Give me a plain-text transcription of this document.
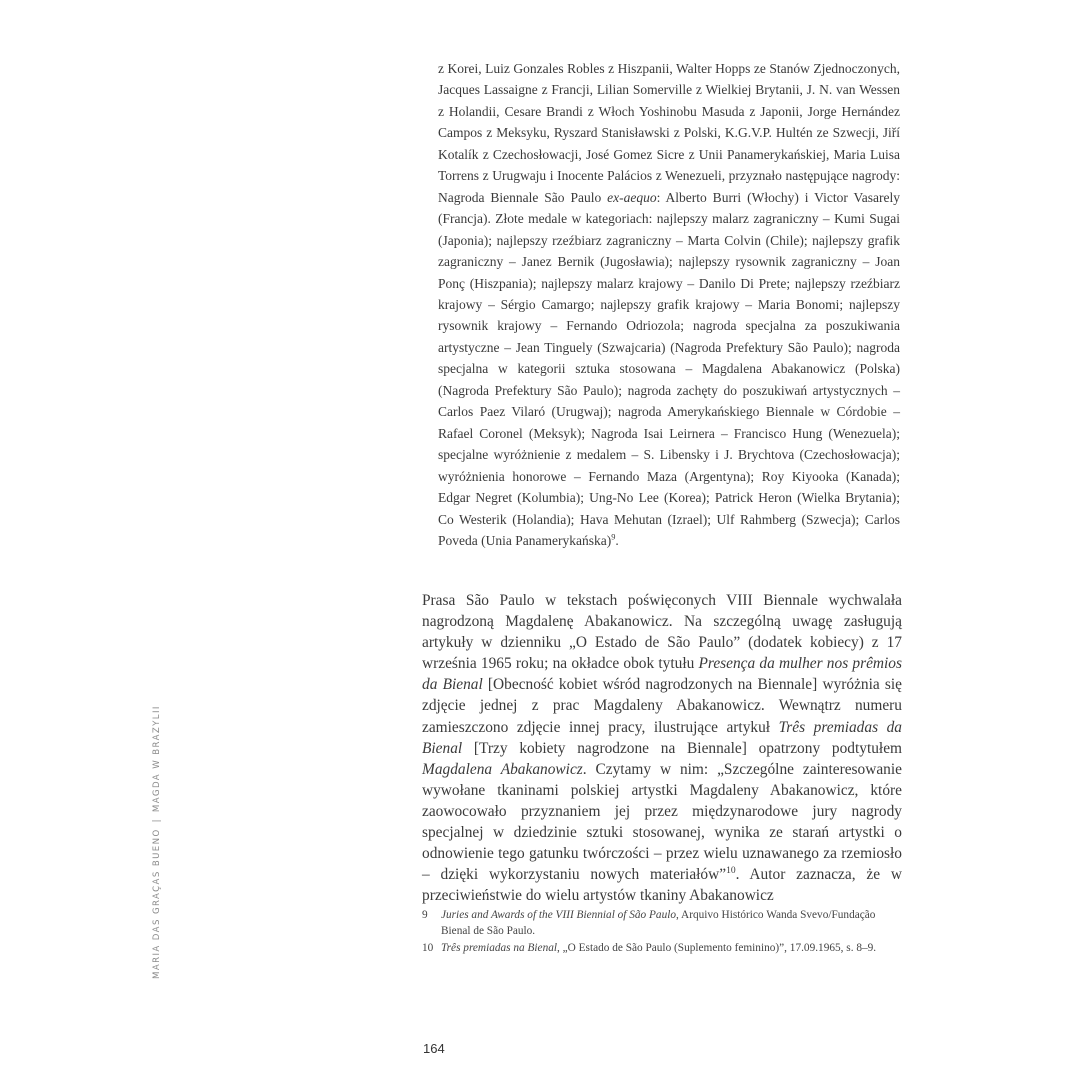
z Korei, Luiz Gonzales Robles z Hiszpanii, Walter Hopps ze Stanów Zjednoczonych, Jacques Lassaigne z Francji, Lilian Somerville z Wielkiej Brytanii, J. N. van Wessen z Holandii, Cesare Brandi z Włoch Yoshinobu Masuda z Japonii, Jorge Hernández Campos z Meksyku, Ryszard Stanisławski z Polski, K.G.V.P. Hultén ze Szwecji, Jiří Kotalík z Czechosłowacji, José Gomez Sicre z Unii Panamerykańskiej, Maria Luisa Torrens z Urugwaju i Inocente Palácios z Wenezueli, przyznało następujące nagrody: Nagroda Biennale São Paulo ex-aequo: Alberto Burri (Włochy) i Victor Vasarely (Francja). Złote medale w kategoriach: najlepszy malarz zagraniczny – Kumi Sugai (Japonia); najlepszy rzeźbiarz zagraniczny – Marta Colvin (Chile); najlepszy grafik zagraniczny – Janez Bernik (Jugosławia); najlepszy rysownik zagraniczny – Joan Ponç (Hiszpania); najlepszy malarz krajowy – Danilo Di Prete; najlepszy rzeźbiarz krajowy – Sérgio Camargo; najlepszy grafik krajowy – Maria Bonomi; najlepszy rysownik krajowy – Fernando Odriozola; nagroda specjalna za poszukiwania artystyczne – Jean Tinguely (Szwajcaria) (Nagroda Prefektury São Paulo); nagroda specjalna w kategorii sztuka stosowana – Magdalena Abakanowicz (Polska) (Nagroda Prefektury São Paulo); nagroda zachęty do poszukiwań artystycznych – Carlos Paez Vilaró (Urugwaj); nagroda Amerykańskiego Biennale w Córdobie – Rafael Coronel (Meksyk); Nagroda Isai Leirnera – Francisco Hung (Wenezuela); specjalne wyróżnienie z medalem – S. Libensky i J. Brychtova (Czechosłowacja); wyróżnienia honorowe – Fernando Maza (Argentyna); Roy Kiyooka (Kanada); Edgar Negret (Kolumbia); Ung-No Lee (Korea); Patrick Heron (Wielka Brytania); Co Westerik (Holandia); Hava Mehutan (Izrael); Ulf Rahmberg (Szwecja); Carlos Poveda (Unia Panamerykańska)$^9$.

Prasa São Paulo w tekstach poświęconych VIII Biennale wychwalała nagrodzoną Magdalenę Abakanowicz. Na szczególną uwagę zasługują artykuły w dzienniku „O Estado de São Paulo” (dodatek kobiecy) z 17 września 1965 roku; na okładce obok tytułu Presença da mulher nos prêmios da Bienal [Obecność kobiet wśród nagrodzonych na Biennale] wyróżnia się zdjęcie jednej z prac Magdaleny Abakanowicz. Wewnątrz numeru zamieszczono zdjęcie innej pracy, ilustrujące artykuł Três premiadas da Bienal [Trzy kobiety nagrodzone na Biennale] opatrzony podtytułem Magdalena Abakanowicz. Czytamy w nim: „Szczególne zainteresowanie wywołane tkaninami polskiej artystki Magdaleny Abakanowicz, które zaowocowało przyznaniem jej przez międzynarodowe jury nagrody specjalnej w dziedzinie sztuki stosowanej, wynika ze starań artystki o odnowienie tego gatunku twórczości – przez wielu uznawanego za rzemiosło – dzięki wykorzystaniu nowych materiałów”$^{10}$. Autor zaznacza, że w przeciwieństwie do wielu artystów tkaniny Abakanowicz

9	Juries and Awards of the VIII Biennial of São Paulo, Arquivo Histórico Wanda Svevo/Fundação Bienal de São Paulo.
10 Três premiadas na Bienal, „O Estado de São Paulo (Suplemento feminino)”, 17.09.1965, s. 8–9.
MARIA DAS GRAÇAS BUENO|MAGDA W BRAZYLII
164
